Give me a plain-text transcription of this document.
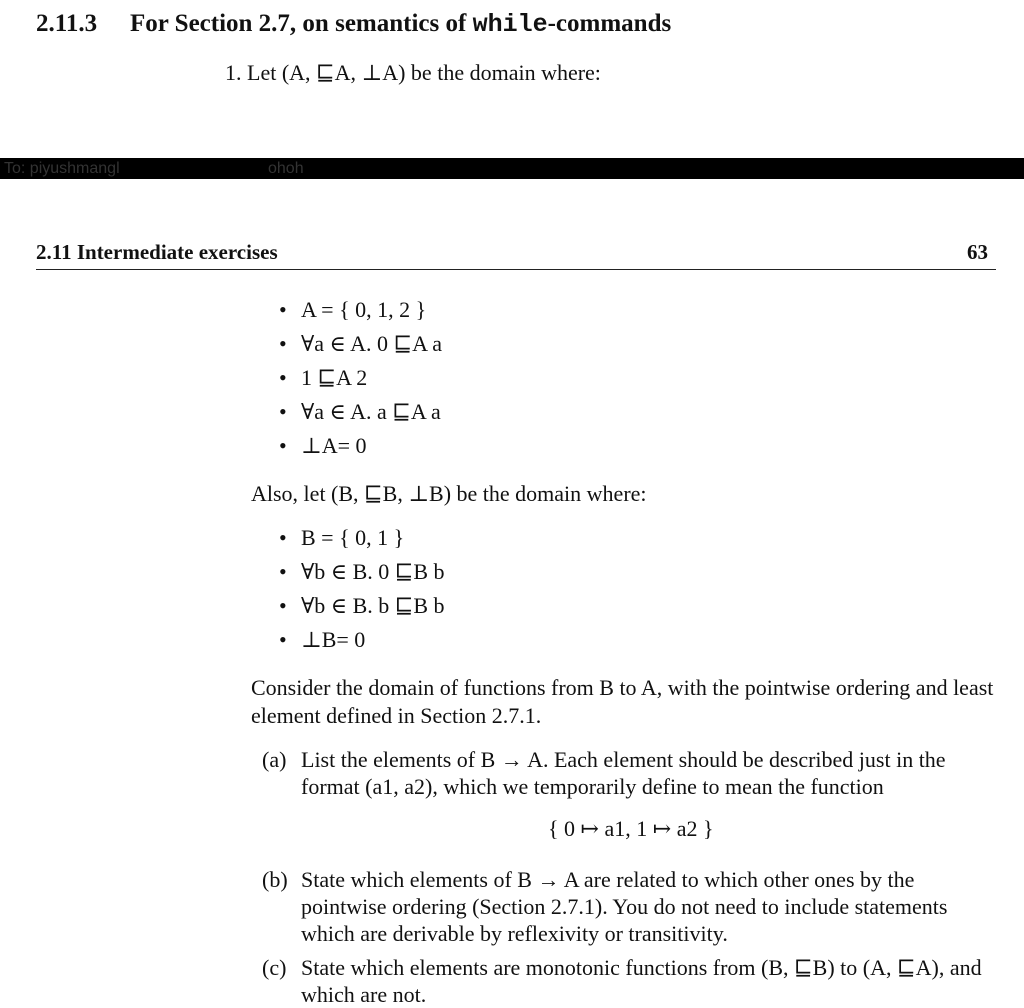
2.11.3 For Section 2.7, on semantics of while-commands
1. Let (A, ⊑A, ⊥A) be the domain where:
To: piyushmangl	ohoh
2.11 Intermediate exercises	63
• A = { 0, 1, 2 }
• ∀a ∈ A. 0 ⊑A a
• 1 ⊑A 2
• ∀a ∈ A. a ⊑A a
• ⊥A= 0
Also, let (B, ⊑B, ⊥B) be the domain where:
• B = { 0, 1 }
• ∀b ∈ B. 0 ⊑B b
• ∀b ∈ B. b ⊑B b
• ⊥B= 0
Consider the domain of functions from B to A, with the pointwise ordering and least element defined in Section 2.7.1.
(a) List the elements of B → A. Each element should be described just in the format (a1, a2), which we temporarily define to mean the function
{ 0 ↦ a1, 1 ↦ a2 }
(b) State which elements of B → A are related to which other ones by the pointwise ordering (Section 2.7.1). You do not need to include statements which are derivable by reflexivity or transitivity.
(c) State which elements are monotonic functions from (B, ⊑B) to (A, ⊑A), and which are not.
